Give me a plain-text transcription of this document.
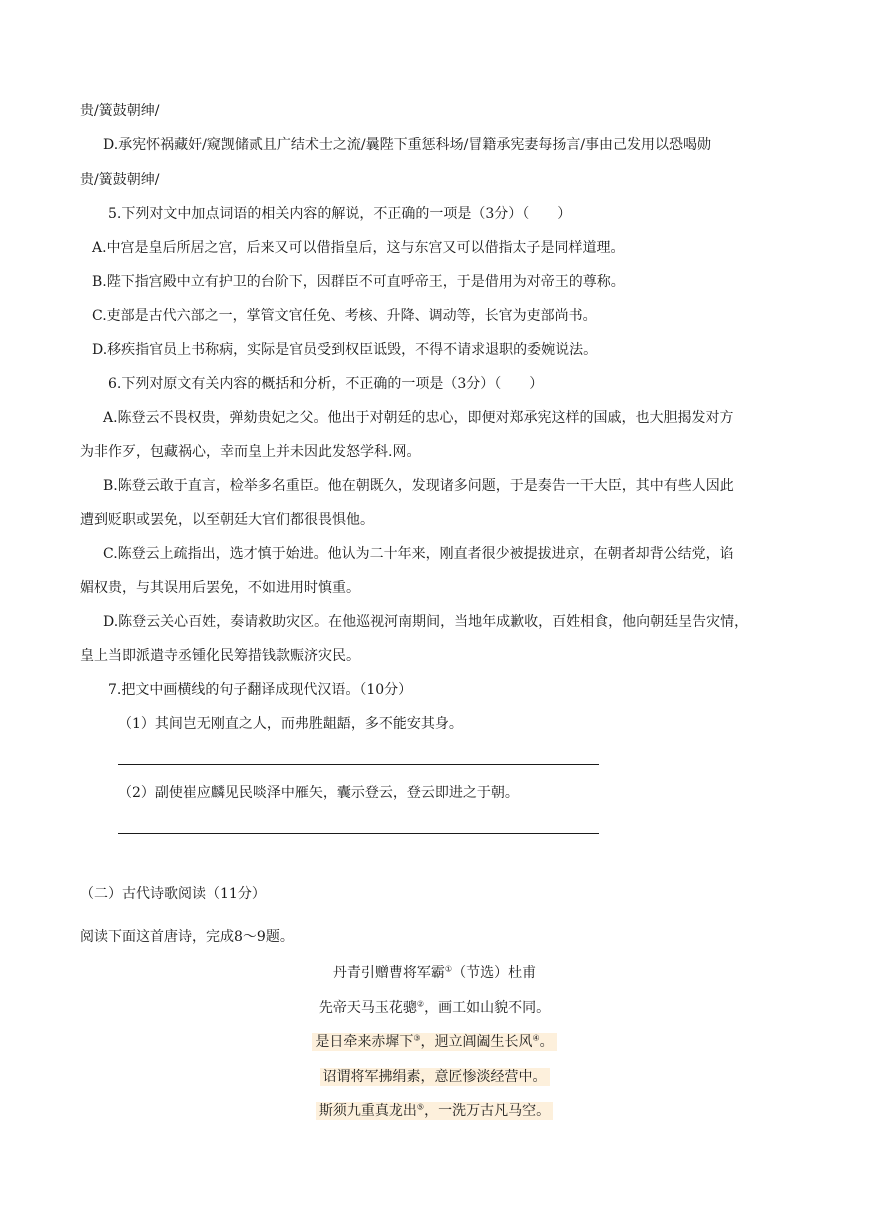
贵/簧鼓朝绅/
D.承宪怀祸藏奸/窥觊储贰且广结术士之流/曩陛下重惩科场/冒籍承宪妻每扬言/事由己发用以恐喝勋
贵/簧鼓朝绅/
5.下列对文中加点词语的相关内容的解说，不正确的一项是（3分）（　　）
A.中宫是皇后所居之宫，后来又可以借指皇后，这与东宫又可以借指太子是同样道理。
B.陛下指宫殿中立有护卫的台阶下，因群臣不可直呼帝王，于是借用为对帝王的尊称。
C.吏部是古代六部之一，掌管文官任免、考核、升降、调动等，长官为吏部尚书。
D.移疾指官员上书称病，实际是官员受到权臣诋毁，不得不请求退职的委婉说法。
6.下列对原文有关内容的概括和分析，不正确的一项是（3分）（　　）
A.陈登云不畏权贵，弹劾贵妃之父。他出于对朝廷的忠心，即便对郑承宪这样的国戚，也大胆揭发对方
为非作歹，包藏祸心，幸而皇上并未因此发怒学科.网。
B.陈登云敢于直言，检举多名重臣。他在朝既久，发现诸多问题，于是奏告一干大臣，其中有些人因此
遭到贬职或罢免，以至朝廷大官们都很畏惧他。
C.陈登云上疏指出，选才慎于始进。他认为二十年来，刚直者很少被提拔进京，在朝者却背公结党，谄
媚权贵，与其误用后罢免，不如进用时慎重。
D.陈登云关心百姓，奏请救助灾区。在他巡视河南期间，当地年成歉收，百姓相食，他向朝廷呈告灾情，
皇上当即派遣寺丞锺化民筹措钱款赈济灾民。
7.把文中画横线的句子翻译成现代汉语。（10分）
（1）其间岂无刚直之人，而弗胜龃龉，多不能安其身。
（2）副使崔应麟见民啖泽中雁矢，囊示登云，登云即进之于朝。
（二）古代诗歌阅读（11分）
阅读下面这首唐诗，完成8～9题。
丹青引赠曹将军霸①（节选）杜甫
先帝天马玉花骢②，画工如山貌不同。
是日牵来赤墀下③，迥立阊阖生长风④。
诏谓将军拂绢素，意匠惨淡经营中。
斯须九重真龙出⑤，一洗万古凡马空。
